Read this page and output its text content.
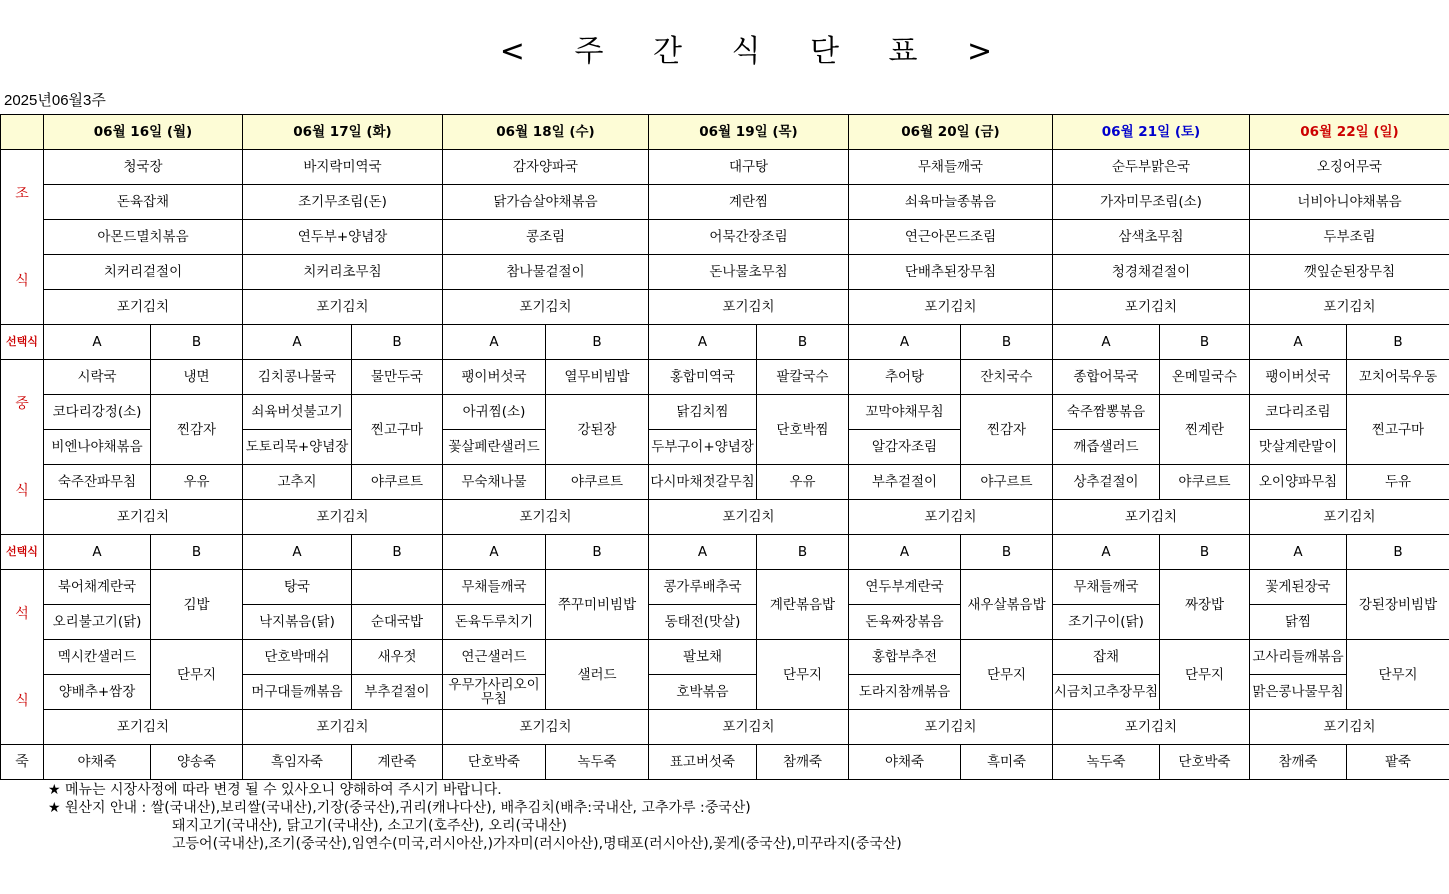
< 주 간 식 단 표 >
2025년06월3주
	06월 16일 (월)		06월 17일 (화)		06월 18일 (수)		06월 19일 (목)		06월 20일 (금)		06월 21일 (토)		06월 22일 (일)	

조
식	청국장		바지락미역국		감자양파국		대구탕		무채들깨국		순두부맑은국		오징어무국	
	돈육잡채		조기무조림(돈)		닭가슴살야채볶음		계란찜		쇠육마늘종볶음		가자미무조림(소)		너비아니야채볶음	
	아몬드멸치볶음		연두부+양념장		콩조림		어묵간장조림		연근아몬드조림		삼색초무침		두부조림	
	치커리겉절이		치커리초무침		참나물겉절이		돈나물초무침		단배추된장무침		청경채겉절이		깻잎순된장무침	
	포기김치		포기김치		포기김치		포기김치		포기김치		포기김치		포기김치	
선택식	A	B	A	B	A	B	A	B	A	B	A	B	A	B

중
식	시락국	냉면	김치콩나물국	물만두국	팽이버섯국	열무비빔밥	홍합미역국	팔칼국수	추어탕	잔치국수	종합어묵국	온메밀국수	팽이버섯국	꼬치어묵우동
	코다리강정(소)	찐감자	쇠육버섯불고기	찐고구마	아귀찜(소)	강된장	닭김치찜	단호박찜	꼬막야채무침	찐감자	숙주짬뽕볶음	찐계란	코다리조림	찐고구마
	비엔나야채볶음		도토리묵+양념장		꽃살페란샐러드		두부구이+양념장		알감자조림		깨즙샐러드		맛살계란말이	
	숙주잔파무침	우유	고추지	야쿠르트	무숙채나물	야쿠르트	다시마채젓갈무침	우유	부추겉절이	야구르트	상추겉절이	야쿠르트	오이양파무침	두유
	포기김치		포기김치		포기김치		포기김치		포기김치		포기김치		포기김치	
선택식	A	B	A	B	A	B	A	B	A	B	A	B	A	B

석
식	북어채계란국	김밥	탕국		무채들깨국	쭈꾸미비빔밥	콩가루배추국	계란볶음밥	연두부계란국	새우살볶음밥	무채들깨국	짜장밥	꽃게된장국	강된장비빔밥
	오리불고기(닭)		낙지볶음(닭)	순대국밥	돈육두루치기		동태전(맛살)		돈육짜장볶음		조기구이(닭)		닭찜	
	멕시칸샐러드	단무지	단호박매쉬	새우젓	연근샐러드	샐러드	팔보채	단무지	홍합부추전	단무지	잡채	단무지	고사리들깨볶음	단무지
	양배추+쌈장		머구대들깨볶음	부추겉절이	우무가사리오이무침		호박볶음		도라지참깨볶음		시금치고추장무침		맑은콩나물무침	
	포기김치		포기김치		포기김치		포기김치		포기김치		포기김치		포기김치	
죽	야채죽	양송죽	흑임자죽	계란죽	단호박죽	녹두죽	표고버섯죽	참깨죽	야채죽	흑미죽	녹두죽	단호박죽	참깨죽	팥죽
★ 메뉴는 시장사정에 따라 변경 될 수 있사오니 양해하여 주시기 바랍니다.
★ 원산지 안내 : 쌀(국내산),보리쌀(국내산),기장(중국산),귀리(캐나다산), 배추김치(배추:국내산, 고추가루 :중국산)
돼지고기(국내산), 닭고기(국내산), 소고기(호주산), 오리(국내산)
고등어(국내산),조기(중국산),임연수(미국,러시아산,)가자미(러시아산),명태포(러시아산),꽃게(중국산),미꾸라지(중국산)
